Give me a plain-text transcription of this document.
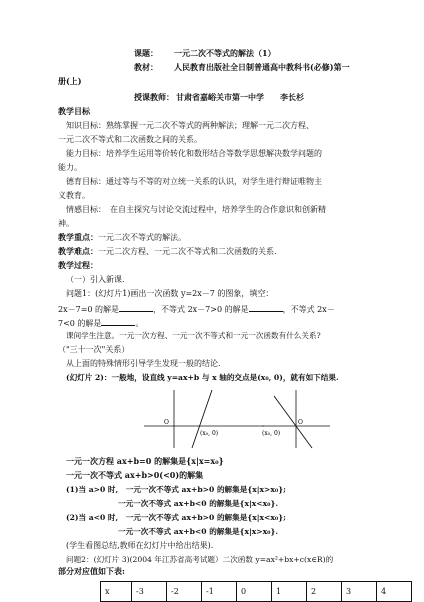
课题： 一元二次不等式的解法（1）
教材： 人民教育出版社全日制普通高中教科书(必修)第一
册(上)
授课教师： 甘肃省嘉峪关市第一中学　　李长杉
教学目标
知识目标：熟练掌握一元二次不等式的两种解法；理解一元二次方程、
一元二次不等式和二次函数之间的关系。
能力目标：培养学生运用等价转化和数形结合等数学思想解决数学问题的
能力。
德育目标：通过等与不等的对立统一关系的认识，对学生进行辩证唯物主
义教育。
情感目标：　在自主探究与讨论交流过程中，培养学生的合作意识和创新精
神。
教学重点：一元二次不等式的解法。
教学难点：一元二次方程、一元二次不等式和二次函数的关系.
教学过程：
（一）引入新课.
问题1：(幻灯片1)画出一次函数 y=2x－7 的图象，填空：
2x－7=0 的解是	，不等式 2x－7>0 的解是	，不等式 2x－
7<0 的解是	。
课间学生注意。一元一次方程、一元一次不等式和一元一次函数有什么关系?
（"三十一次"关系）
从上面的特殊情形引导学生发现一般的结论.
(幻灯片 2)：一般地，设直线 y=ax+b 与 x 轴的交点是(x₀, 0)，就有如下结果.
O
(x₀, 0)	(x₀, 0)
O
一元一次方程 ax+b=0 的解集是{x|x=x₀}
一元一次不等式 ax+b>0(<0)的解集
(1)当 a>0 时,　一元一次不等式 ax+b>0 的解集是{x|x>x₀};
一元一次不等式 ax+b<0 的解集是{x|x<x₀}.
(2)当 a<0 时,　一元一次不等式 ax+b>0 的解集是{x|x<x₀};
一元一次不等式 ax+b<0 的解集是{x|x>x₀}.
(学生看图总结,教师在幻灯片中给出结果).
问题2：(幻灯片 3)(2004 年江苏省高考试题）二次函数 y=ax²+bx+c(x∈R)的
部分对应值如下表:
x	-3	-2	-1	0	1	2	3	4
